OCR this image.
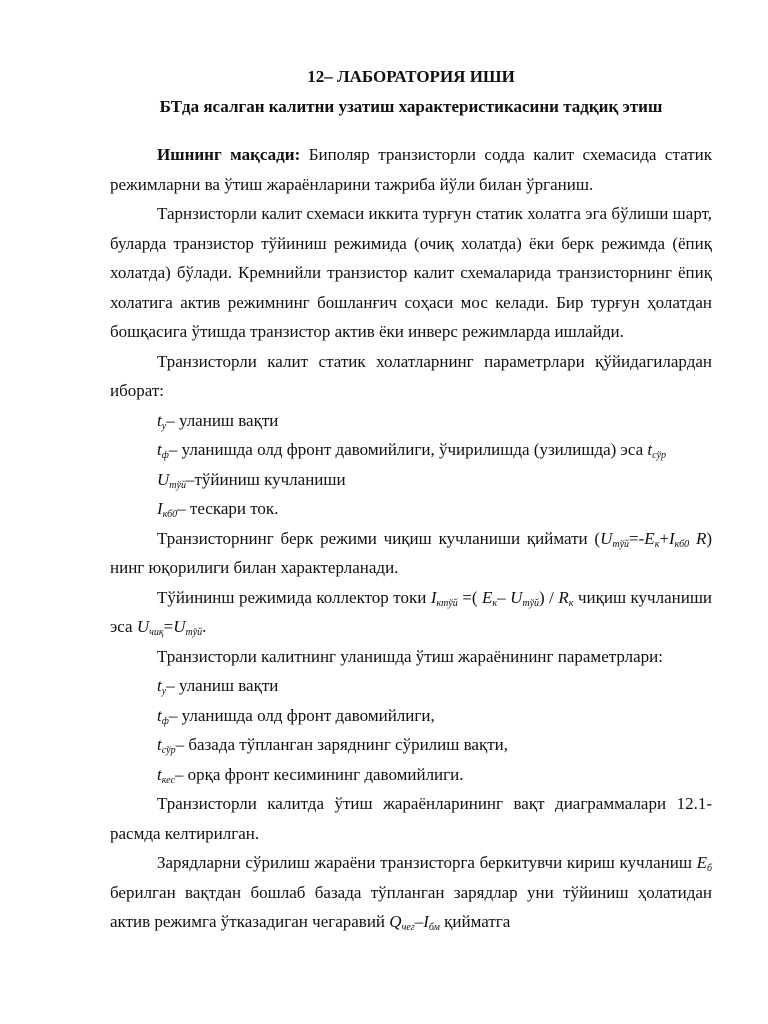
12– ЛАБОРАТОРИЯ ИШИ
БТда ясалган калитни узатиш характеристикасини тадқиқ этиш

Ишнинг мақсади: Биполяр транзисторли содда калит схемасида статик режимларни ва ўтиш жараёнларини тажриба йўли билан ўрганиш.

Тарнзисторли калит схемаси иккита турғун статик холатга эга бўлиши шарт, буларда транзистор тўйиниш режимида (очиқ холатда) ёки берк режимда (ёпиқ холатда) бўлади. Кремнийли транзистор калит схемаларида транзисторнинг ёпиқ холатига актив режимнинг бошланғич соҳаси мос келади. Бир турғун ҳолатдан бошқасига ўтишда транзистор актив ёки инверс режимларда ишлайди.

Транзисторли калит статик холатларнинг параметрлари қўйидагилардан иборат:

$t_у-$ уланиш вақти

$t_ф-$ уланишда олд фронт давомийлиги, ўчирилишда (узилишда) эса $t_{сўр}$

$U_{тўй}$–тўйиниш кучланиши

$I_{кб0}-$ тескари ток.

Транзисторнинг берк режими чиқиш кучланиши қиймати ($U_{тўй}=-E_к+I_{кб0}$ R) нинг юқорилиги билан характерланади.

Тўйининш режимида коллектор токи $I_{ктўй}$ =( $E_к-$ $U_{тўй}) / R_к$ чиқиш кучланиши эса $U_{чиқ}=U_{тўй}$.

Транзисторли калитнинг уланишда ўтиш жараёнининг параметрлари:

$t_у-$ уланиш вақти

$t_ф-$ уланишда олд фронт давомийлиги,

$t_{сўр}-$ базада тўпланган заряднинг сўрилиш вақти,

$t_{кес}-$ орқа фронт кесимининг давомийлиги.

Транзисторли калитда ўтиш жараёнларининг вақт диаграммалари 12.1-расмда келтирилган.

Зарядларни сўрилиш жараёни транзисторга беркитувчи кириш кучланиш $E_б$ берилган вақтдан бошлаб базада тўпланган зарядлар уни тўйиниш ҳолатидан актив режимга ўтказадиган чегаравий $Q_{чег}-I_{бм}$ қийматга
